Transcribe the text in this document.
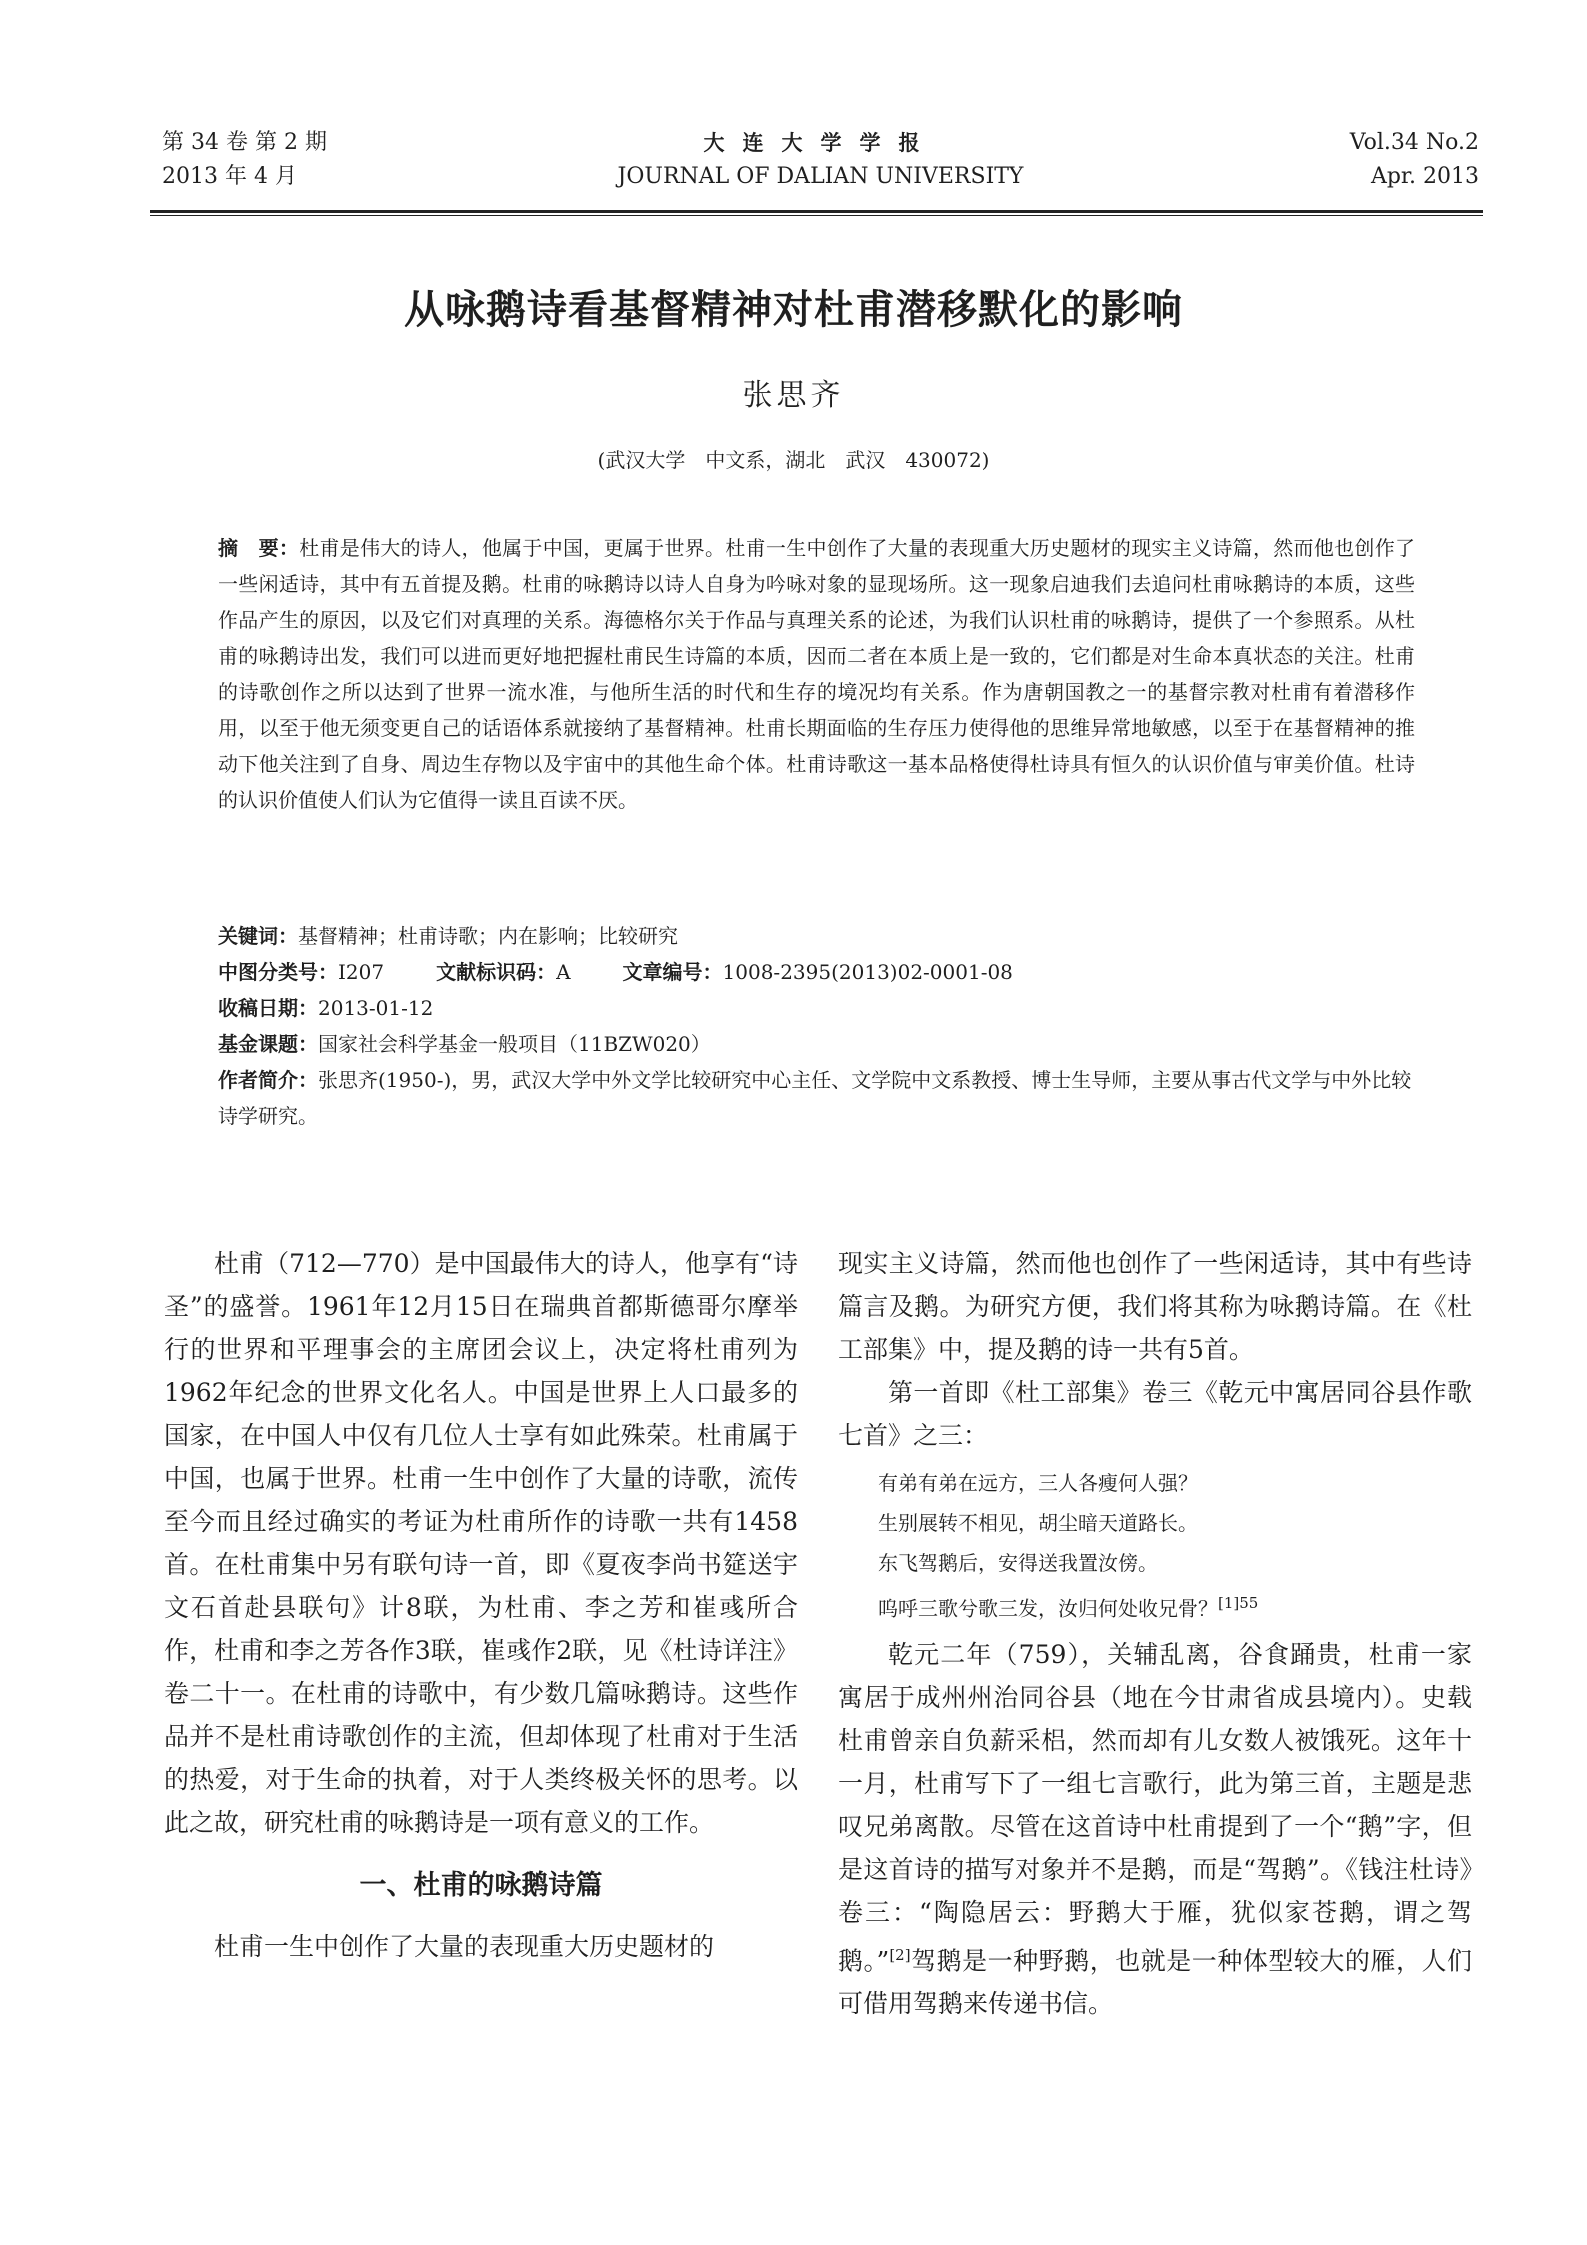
第 34 卷 第 2 期
2013 年 4 月
大连大学学报
JOURNAL OF DALIAN UNIVERSITY
Vol.34 No.2
Apr. 2013
从咏鹅诗看基督精神对杜甫潜移默化的影响
张思齐
(武汉大学　中文系，湖北　武汉　430072)

摘　要：杜甫是伟大的诗人，他属于中国，更属于世界。杜甫一生中创作了大量的表现重大历史题材的现实主义诗篇，然而他也创作了一些闲适诗，其中有五首提及鹅。杜甫的咏鹅诗以诗人自身为吟咏对象的显现场所。这一现象启迪我们去追问杜甫咏鹅诗的本质，这些作品产生的原因，以及它们对真理的关系。海德格尔关于作品与真理关系的论述，为我们认识杜甫的咏鹅诗，提供了一个参照系。从杜甫的咏鹅诗出发，我们可以进而更好地把握杜甫民生诗篇的本质，因而二者在本质上是一致的，它们都是对生命本真状态的关注。杜甫的诗歌创作之所以达到了世界一流水准，与他所生活的时代和生存的境况均有关系。作为唐朝国教之一的基督宗教对杜甫有着潜移作用，以至于他无须变更自己的话语体系就接纳了基督精神。杜甫长期面临的生存压力使得他的思维异常地敏感，以至于在基督精神的推动下他关注到了自身、周边生存物以及宇宙中的其他生命个体。杜甫诗歌这一基本品格使得杜诗具有恒久的认识价值与审美价值。杜诗的认识价值使人们认为它值得一读且百读不厌。

关键词：基督精神；杜甫诗歌；内在影响；比较研究
中图分类号：I207	文献标识码：A	文章编号：1008-2395(2013)02-0001-08
收稿日期：2013-01-12
基金课题：国家社会科学基金一般项目（11BZW020）
作者简介：张思齐(1950-)，男，武汉大学中外文学比较研究中心主任、文学院中文系教授、博士生导师，主要从事古代文学与中外比较诗学研究。

杜甫（712—770）是中国最伟大的诗人，他享有“诗圣”的盛誉。1961年12月15日在瑞典首都斯德哥尔摩举行的世界和平理事会的主席团会议上，决定将杜甫列为1962年纪念的世界文化名人。中国是世界上人口最多的国家，在中国人中仅有几位人士享有如此殊荣。杜甫属于中国，也属于世界。杜甫一生中创作了大量的诗歌，流传至今而且经过确实的考证为杜甫所作的诗歌一共有1458首。在杜甫集中另有联句诗一首，即《夏夜李尚书筵送宇文石首赴县联句》计8联，为杜甫、李之芳和崔彧所合作，杜甫和李之芳各作3联，崔彧作2联，见《杜诗详注》卷二十一。在杜甫的诗歌中，有少数几篇咏鹅诗。这些作品并不是杜甫诗歌创作的主流，但却体现了杜甫对于生活的热爱，对于生命的执着，对于人类终极关怀的思考。以此之故，研究杜甫的咏鹅诗是一项有意义的工作。

一、杜甫的咏鹅诗篇

杜甫一生中创作了大量的表现重大历史题材的

现实主义诗篇，然而他也创作了一些闲适诗，其中有些诗篇言及鹅。为研究方便，我们将其称为咏鹅诗篇。在《杜工部集》中，提及鹅的诗一共有5首。

第一首即《杜工部集》卷三《乾元中寓居同谷县作歌七首》之三：

有弟有弟在远方，三人各瘦何人强？
生别展转不相见，胡尘暗天道路长。
东飞驾鹅后，安得送我置汝傍。
呜呼三歌兮歌三发，汝归何处收兄骨？$^{[1]55}$

乾元二年（759），关辅乱离，谷食踊贵，杜甫一家寓居于成州州治同谷县（地在今甘肃省成县境内）。史载杜甫曾亲自负薪采梠，然而却有儿女数人被饿死。这年十一月，杜甫写下了一组七言歌行，此为第三首，主题是悲叹兄弟离散。尽管在这首诗中杜甫提到了一个“鹅”字，但是这首诗的描写对象并不是鹅，而是“驾鹅”。《钱注杜诗》卷三：“陶隐居云：野鹅大于雁，犹似家苍鹅，谓之驾鹅。”[2]驾鹅是一种野鹅，也就是一种体型较大的雁，人们可借用驾鹅来传递书信。
